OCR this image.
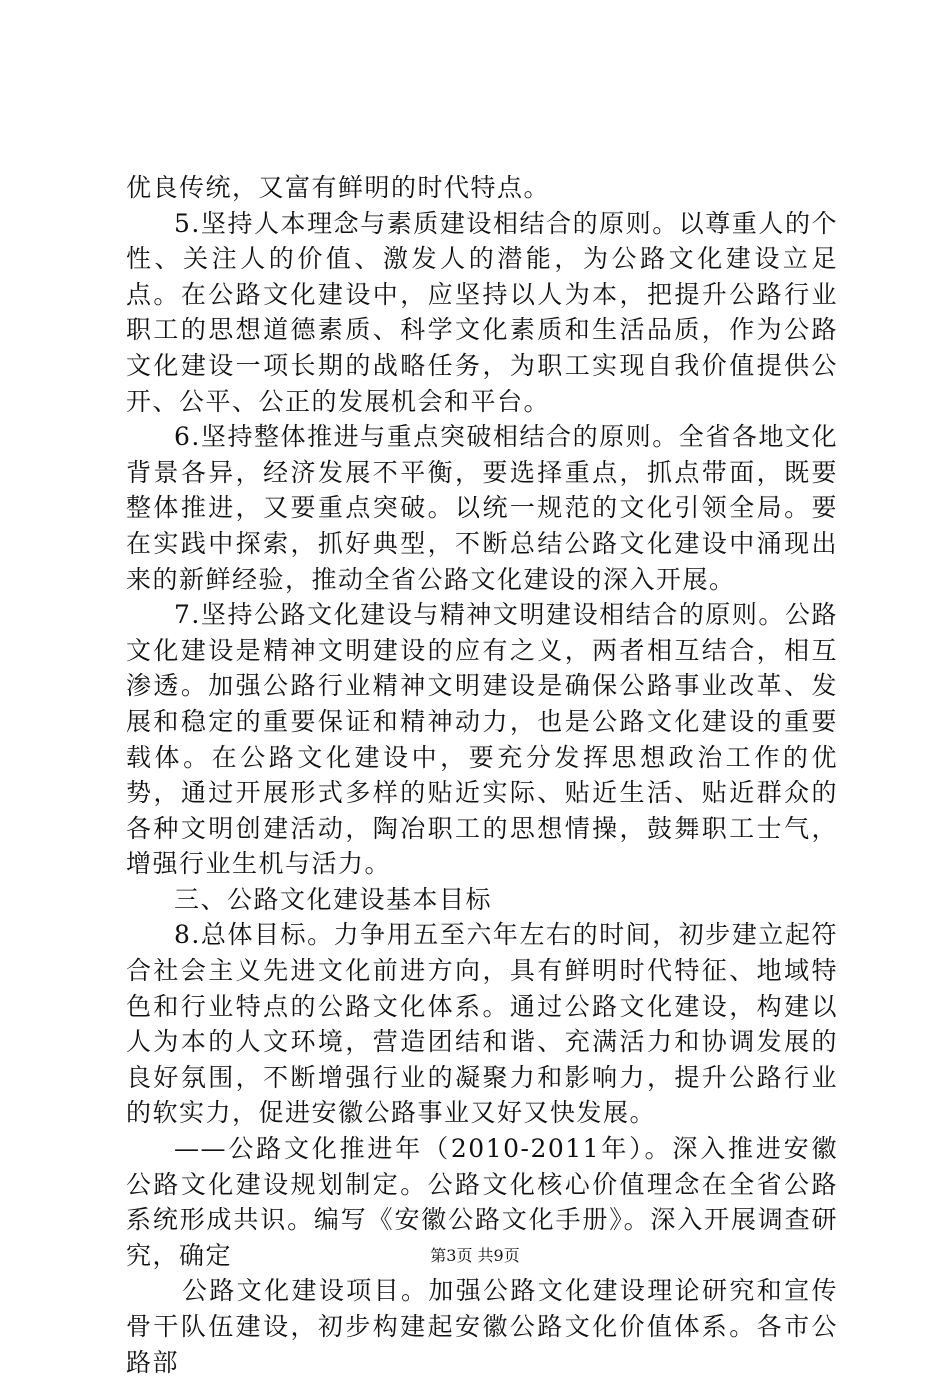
优良传统，又富有鲜明的时代特点。

5.坚持人本理念与素质建设相结合的原则。以尊重人的个性、关注人的价值、激发人的潜能，为公路文化建设立足点。在公路文化建设中，应坚持以人为本，把提升公路行业职工的思想道德素质、科学文化素质和生活品质，作为公路文化建设一项长期的战略任务，为职工实现自我价值提供公开、公平、公正的发展机会和平台。

6.坚持整体推进与重点突破相结合的原则。全省各地文化背景各异，经济发展不平衡，要选择重点，抓点带面，既要整体推进，又要重点突破。以统一规范的文化引领全局。要在实践中探索，抓好典型，不断总结公路文化建设中涌现出来的新鲜经验，推动全省公路文化建设的深入开展。

7.坚持公路文化建设与精神文明建设相结合的原则。公路文化建设是精神文明建设的应有之义，两者相互结合，相互渗透。加强公路行业精神文明建设是确保公路事业改革、发展和稳定的重要保证和精神动力，也是公路文化建设的重要载体。在公路文化建设中，要充分发挥思想政治工作的优势，通过开展形式多样的贴近实际、贴近生活、贴近群众的各种文明创建活动，陶冶职工的思想情操，鼓舞职工士气，增强行业生机与活力。

三、公路文化建设基本目标

8.总体目标。力争用五至六年左右的时间，初步建立起符合社会主义先进文化前进方向，具有鲜明时代特征、地域特色和行业特点的公路文化体系。通过公路文化建设，构建以人为本的人文环境，营造团结和谐、充满活力和协调发展的良好氛围，不断增强行业的凝聚力和影响力，提升公路行业的软实力，促进安徽公路事业又好又快发展。

——公路文化推进年（2010-2011年）。深入推进安徽公路文化建设规划制定。公路文化核心价值理念在全省公路系统形成共识。编写《安徽公路文化手册》。深入开展调查研究，确定

公路文化建设项目。加强公路文化建设理论研究和宣传骨干队伍建设，初步构建起安徽公路文化价值体系。各市公路部

第3页 共9页
